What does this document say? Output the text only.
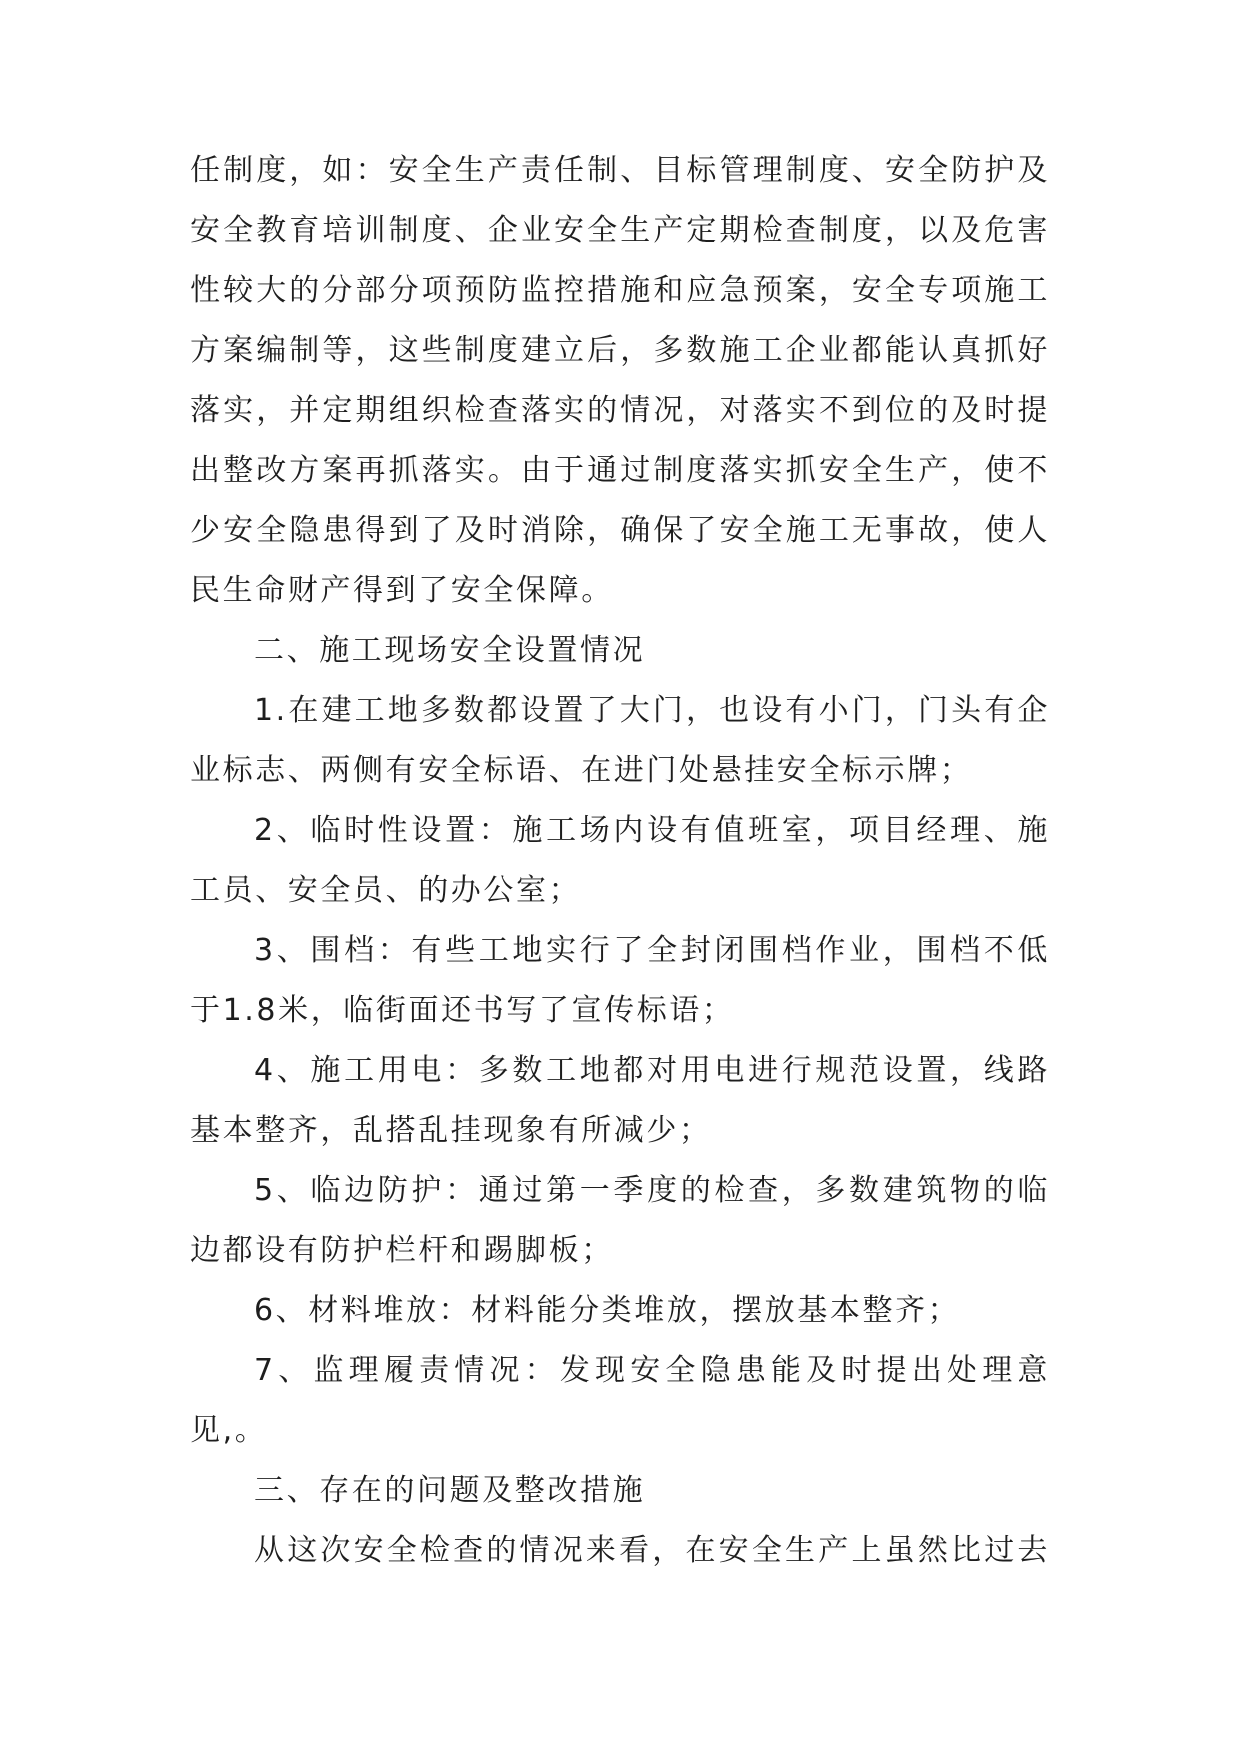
任制度，如：安全生产责任制、目标管理制度、安全防护及
安全教育培训制度、企业安全生产定期检查制度，以及危害
性较大的分部分项预防监控措施和应急预案，安全专项施工
方案编制等，这些制度建立后，多数施工企业都能认真抓好
落实，并定期组织检查落实的情况，对落实不到位的及时提
出整改方案再抓落实。由于通过制度落实抓安全生产，使不
少安全隐患得到了及时消除，确保了安全施工无事故，使人
民生命财产得到了安全保障。
二、施工现场安全设置情况
1.在建工地多数都设置了大门，也设有小门，门头有企
业标志、两侧有安全标语、在进门处悬挂安全标示牌；
2、临时性设置：施工场内设有值班室，项目经理、施
工员、安全员、的办公室；
3、围档：有些工地实行了全封闭围档作业，围档不低
于1.8米，临街面还书写了宣传标语；
4、施工用电：多数工地都对用电进行规范设置，线路
基本整齐，乱搭乱挂现象有所减少；
5、临边防护：通过第一季度的检查，多数建筑物的临
边都设有防护栏杆和踢脚板；
6、材料堆放：材料能分类堆放，摆放基本整齐；
7、监理履责情况：发现安全隐患能及时提出处理意
见,。
三、存在的问题及整改措施
从这次安全检查的情况来看，在安全生产上虽然比过去
